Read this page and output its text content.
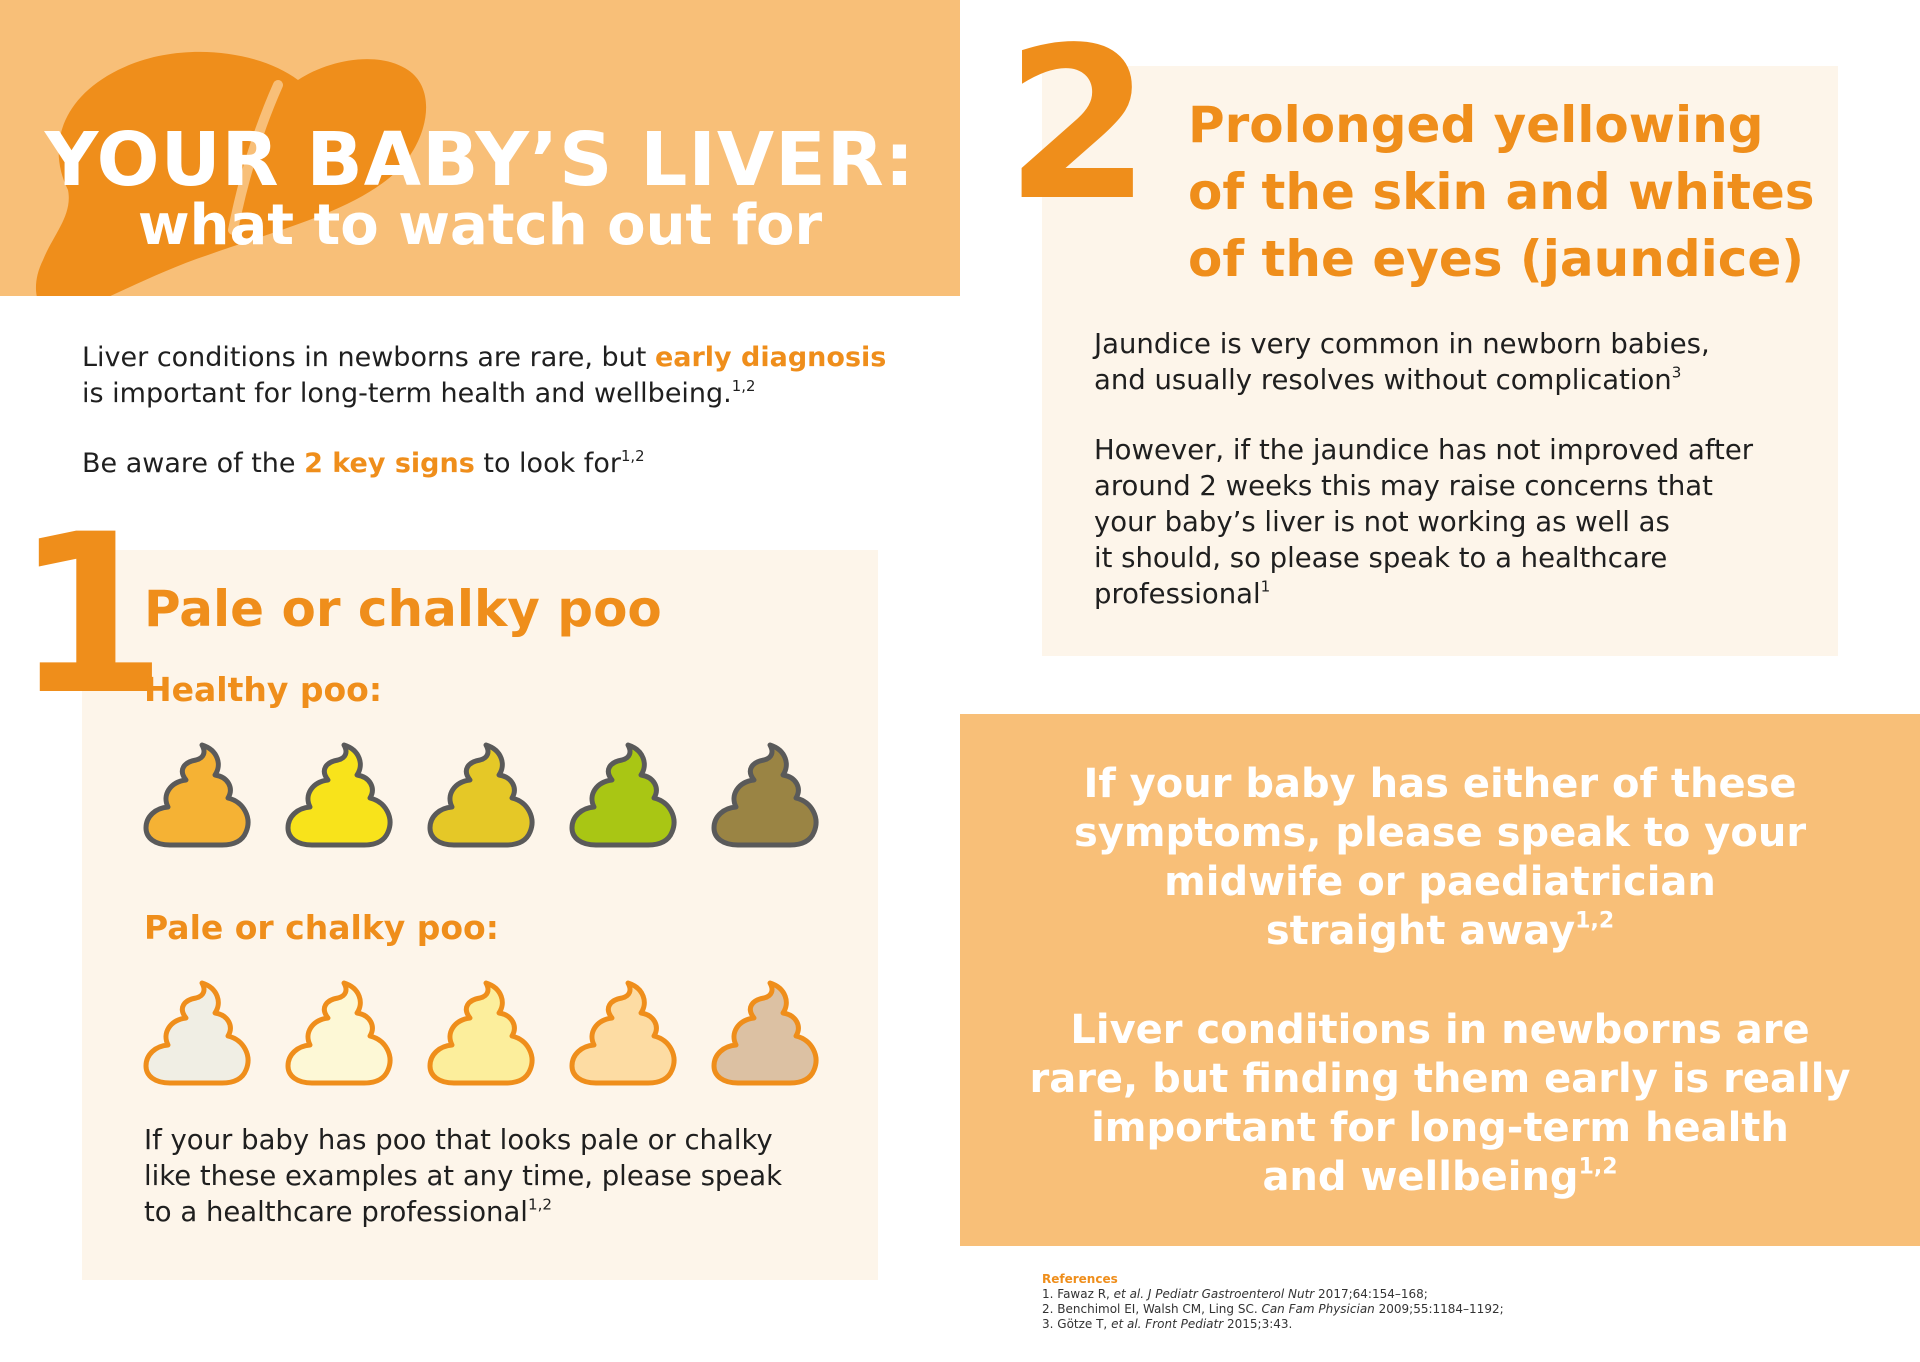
YOUR BABY’S LIVER:
what to watch out for
Liver conditions in newborns are rare, but early diagnosis
is important for long-term health and wellbeing.$^{1,2}$
Be aware of the 2 key signs to look for$^{1,2}$
1
Pale or chalky poo
Healthy poo:
Pale or chalky poo:
If your baby has poo that looks pale or chalky
like these examples at any time, please speak
to a healthcare professional$^{1,2}$
2 Prolonged yellowing
of the skin and whites
of the eyes (jaundice)
Jaundice is very common in newborn babies,
and usually resolves without complication$^3$
However, if the jaundice has not improved after
around 2 weeks this may raise concerns that
your baby’s liver is not working as well as
it should, so please speak to a healthcare
professional$^1$
If your baby has either of these
symptoms, please speak to your
midwife or paediatrician
straight away$^{1,2}$
Liver conditions in newborns are
rare, but finding them early is really
important for long-term health
and wellbeing$^{1,2}$
References
1. Fawaz R, et al. J Pediatr Gastroenterol Nutr 2017;64:154–168;
2. Benchimol EI, Walsh CM, Ling SC. Can Fam Physician 2009;55:1184–1192;
3. Götze T, et al. Front Pediatr 2015;3:43.
